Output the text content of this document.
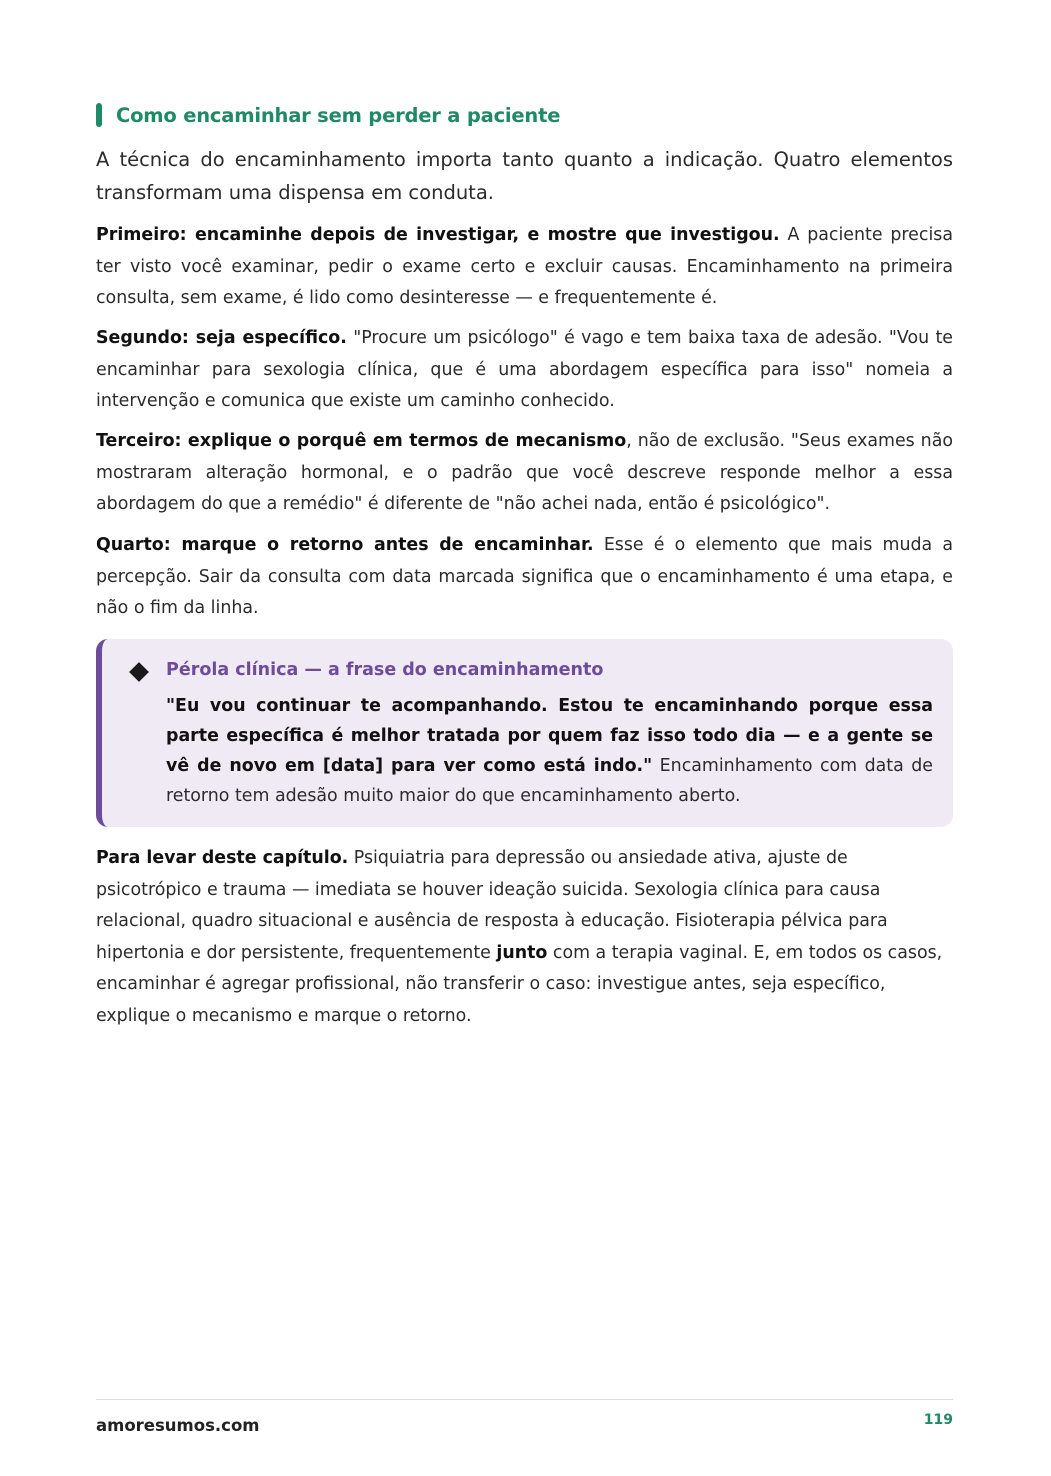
Como encaminhar sem perder a paciente

A técnica do encaminhamento importa tanto quanto a indicação. Quatro elementos transformam uma dispensa em conduta.

Primeiro: encaminhe depois de investigar, e mostre que investigou. A paciente precisa ter visto você examinar, pedir o exame certo e excluir causas. Encaminhamento na primeira consulta, sem exame, é lido como desinteresse — e frequentemente é.

Segundo: seja específico. "Procure um psicólogo" é vago e tem baixa taxa de adesão. "Vou te encaminhar para sexologia clínica, que é uma abordagem específica para isso" nomeia a intervenção e comunica que existe um caminho conhecido.

Terceiro: explique o porquê em termos de mecanismo, não de exclusão. "Seus exames não mostraram alteração hormonal, e o padrão que você descreve responde melhor a essa abordagem do que a remédio" é diferente de "não achei nada, então é psicológico".

Quarto: marque o retorno antes de encaminhar. Esse é o elemento que mais muda a percepção. Sair da consulta com data marcada significa que o encaminhamento é uma etapa, e não o fim da linha.

Pérola clínica — a frase do encaminhamento

"Eu vou continuar te acompanhando. Estou te encaminhando porque essa parte específica é melhor tratada por quem faz isso todo dia — e a gente se vê de novo em [data] para ver como está indo." Encaminhamento com data de retorno tem adesão muito maior do que encaminhamento aberto.

Para levar deste capítulo. Psiquiatria para depressão ou ansiedade ativa, ajuste de psicotrópico e trauma — imediata se houver ideação suicida. Sexologia clínica para causa relacional, quadro situacional e ausência de resposta à educação. Fisioterapia pélvica para hipertonia e dor persistente, frequentemente junto com a terapia vaginal. E, em todos os casos, encaminhar é agregar profissional, não transferir o caso: investigue antes, seja específico, explique o mecanismo e marque o retorno.

amoresumos.com	119
